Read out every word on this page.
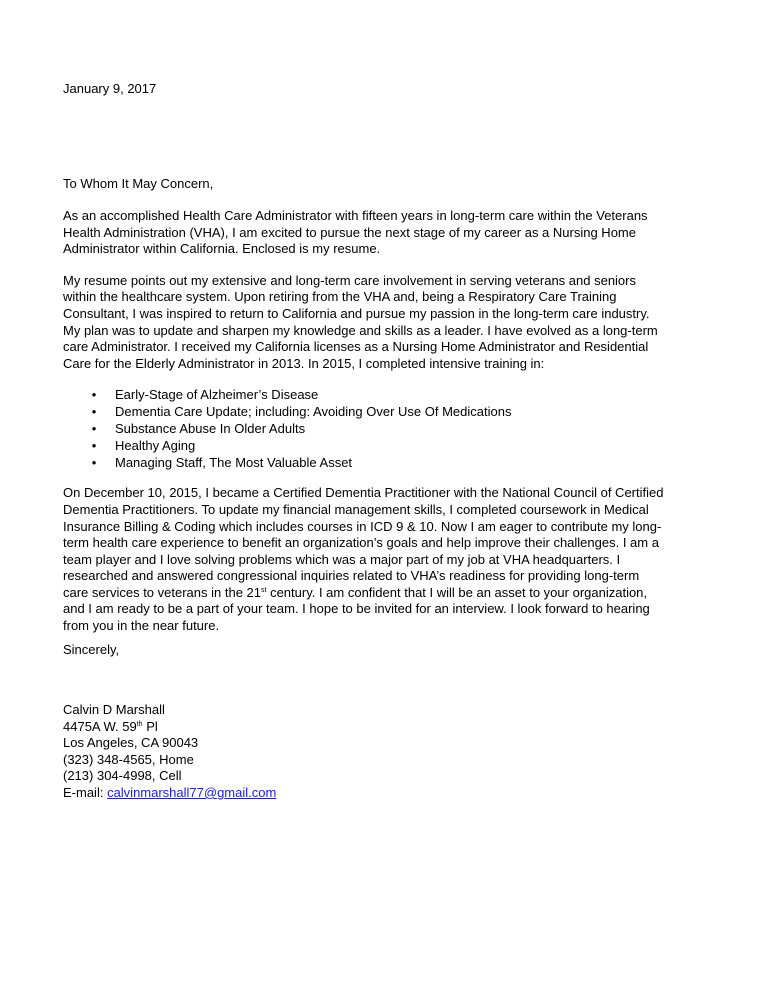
January 9, 2017
To Whom It May Concern,

As an accomplished Health Care Administrator with fifteen years in long-term care within the Veterans
Health Administration (VHA), I am excited to pursue the next stage of my career as a Nursing Home
Administrator within California. Enclosed is my resume.

My resume points out my extensive and long-term care involvement in serving veterans and seniors
within the healthcare system. Upon retiring from the VHA and, being a Respiratory Care Training
Consultant, I was inspired to return to California and pursue my passion in the long-term care industry.
My plan was to update and sharpen my knowledge and skills as a leader. I have evolved as a long-term
care Administrator. I received my California licenses as a Nursing Home Administrator and Residential
Care for the Elderly Administrator in 2013. In 2015, I completed intensive training in:

• Early-Stage of Alzheimer’s Disease
• Dementia Care Update; including: Avoiding Over Use Of Medications
• Substance Abuse In Older Adults
• Healthy Aging
• Managing Staff, The Most Valuable Asset

On December 10, 2015, I became a Certified Dementia Practitioner with the National Council of Certified
Dementia Practitioners. To update my financial management skills, I completed coursework in Medical
Insurance Billing & Coding which includes courses in ICD 9 & 10. Now I am eager to contribute my long-
term health care experience to benefit an organization’s goals and help improve their challenges. I am a
team player and I love solving problems which was a major part of my job at VHA headquarters. I
researched and answered congressional inquiries related to VHA’s readiness for providing long-term
care services to veterans in the 21st century. I am confident that I will be an asset to your organization,
and I am ready to be a part of your team. I hope to be invited for an interview. I look forward to hearing
from you in the near future.

Sincerely,
Calvin D Marshall
4475A W. 59th Pl
Los Angeles, CA 90043
(323) 348-4565, Home
(213) 304-4998, Cell
E-mail: calvinmarshall77@gmail.com
